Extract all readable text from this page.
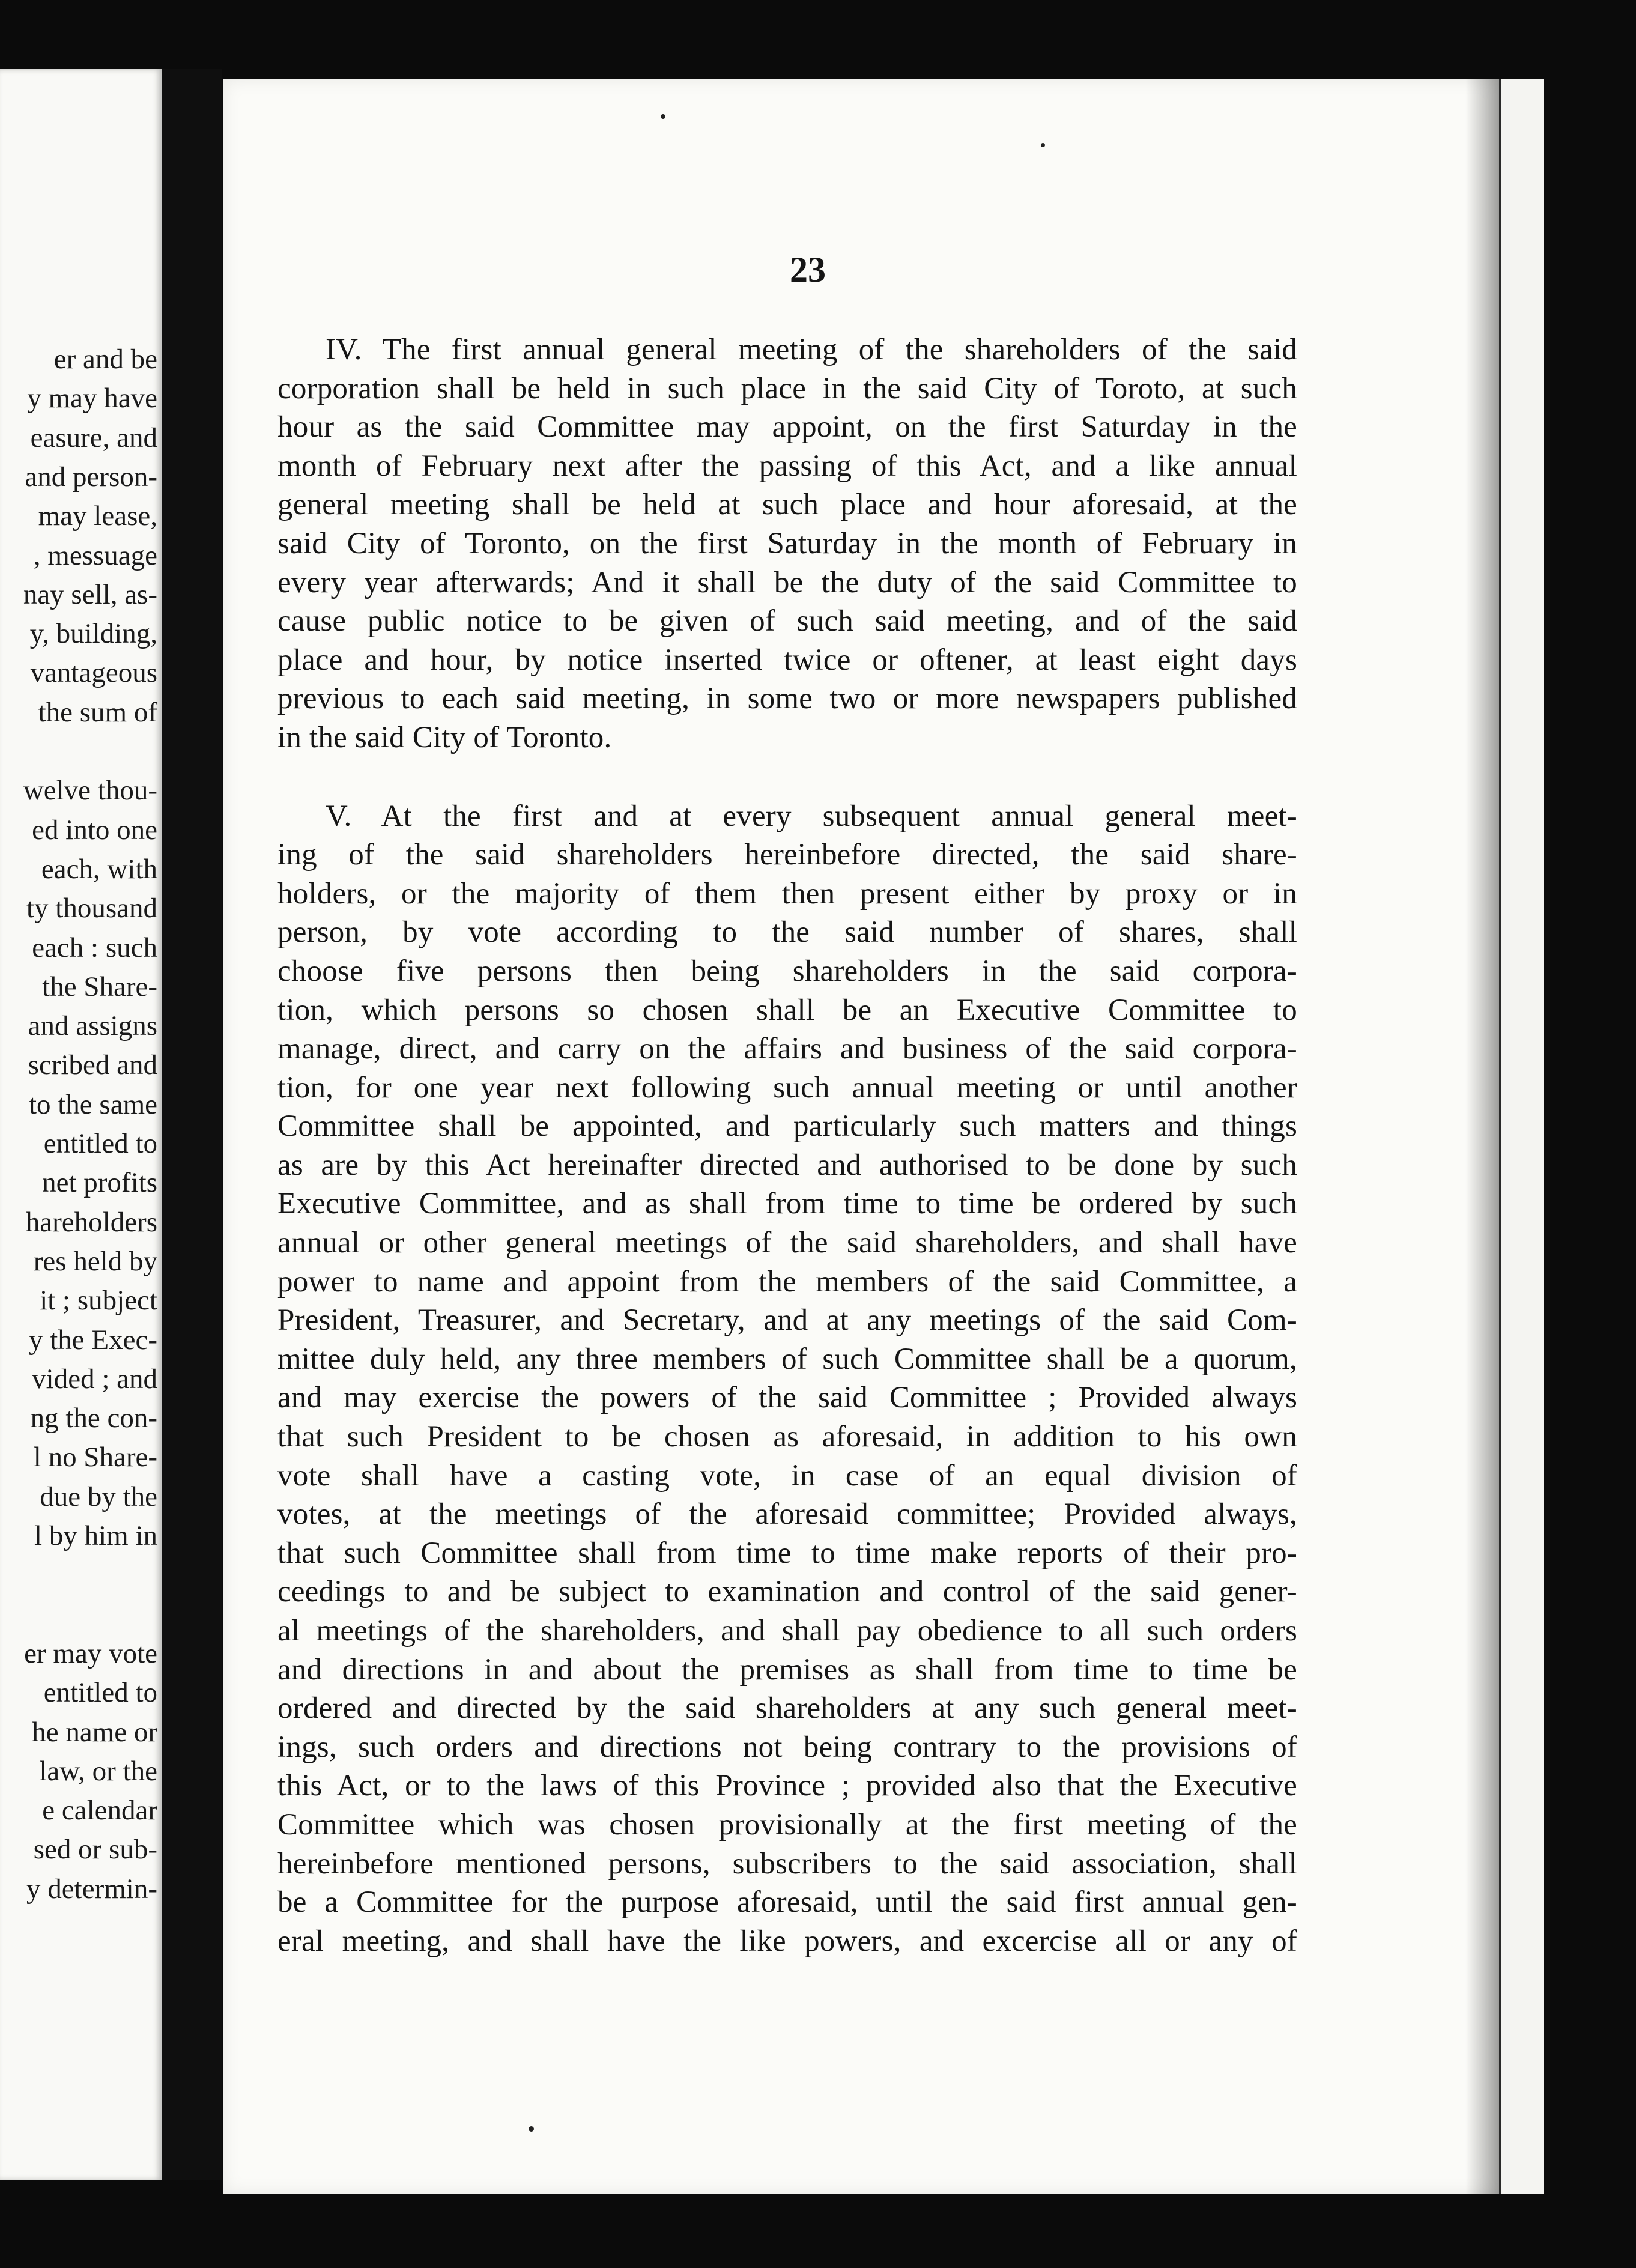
er and be
y may have
easure, and
and person-
may lease,
, messuage
nay sell, as-
y, building,
vantageous
the sum of
welve thou-
ed into one
each, with
ty thousand
each : such
the Share-
and assigns
scribed and
to the same
entitled to
net profits
hareholders
res held by
it ; subject
y the Exec-
vided ; and
ng the con-
l no Share-
due by the
l by him in
er may vote
entitled to
he name or
law, or the
e calendar
sed or sub-
y determin-
23
IV. The first annual general meeting of the shareholders of the said
corporation shall be held in such place in the said City of Toroto, at such
hour as the said Committee may appoint, on the first Saturday in the
month of February next after the passing of this Act, and a like annual
general meeting shall be held at such place and hour aforesaid, at the
said City of Toronto, on the first Saturday in the month of February in
every year afterwards; And it shall be the duty of the said Committee to
cause public notice to be given of such said meeting, and of the said
place and hour, by notice inserted twice or oftener, at least eight days
previous to each said meeting, in some two or more newspapers published
in the said City of Toronto.
V. At the first and at every subsequent annual general meet-
ing of the said shareholders hereinbefore directed, the said share-
holders, or the majority of them then present either by proxy or in
person, by vote according to the said number of shares, shall
choose five persons then being shareholders in the said corpora-
tion, which persons so chosen shall be an Executive Committee to
manage, direct, and carry on the affairs and business of the said corpora-
tion, for one year next following such annual meeting or until another
Committee shall be appointed, and particularly such matters and things
as are by this Act hereinafter directed and authorised to be done by such
Executive Committee, and as shall from time to time be ordered by such
annual or other general meetings of the said shareholders, and shall have
power to name and appoint from the members of the said Committee, a
President, Treasurer, and Secretary, and at any meetings of the said Com-
mittee duly held, any three members of such Committee shall be a quorum,
and may exercise the powers of the said Committee ; Provided always
that such President to be chosen as aforesaid, in addition to his own
vote shall have a casting vote, in case of an equal division of
votes, at the meetings of the aforesaid committee; Provided always,
that such Committee shall from time to time make reports of their pro-
ceedings to and be subject to examination and control of the said gener-
al meetings of the shareholders, and shall pay obedience to all such orders
and directions in and about the premises as shall from time to time be
ordered and directed by the said shareholders at any such general meet-
ings, such orders and directions not being contrary to the provisions of
this Act, or to the laws of this Province ; provided also that the Executive
Committee which was chosen provisionally at the first meeting of the
hereinbefore mentioned persons, subscribers to the said association, shall
be a Committee for the purpose aforesaid, until the said first annual gen-
eral meeting, and shall have the like powers, and excercise all or any of
